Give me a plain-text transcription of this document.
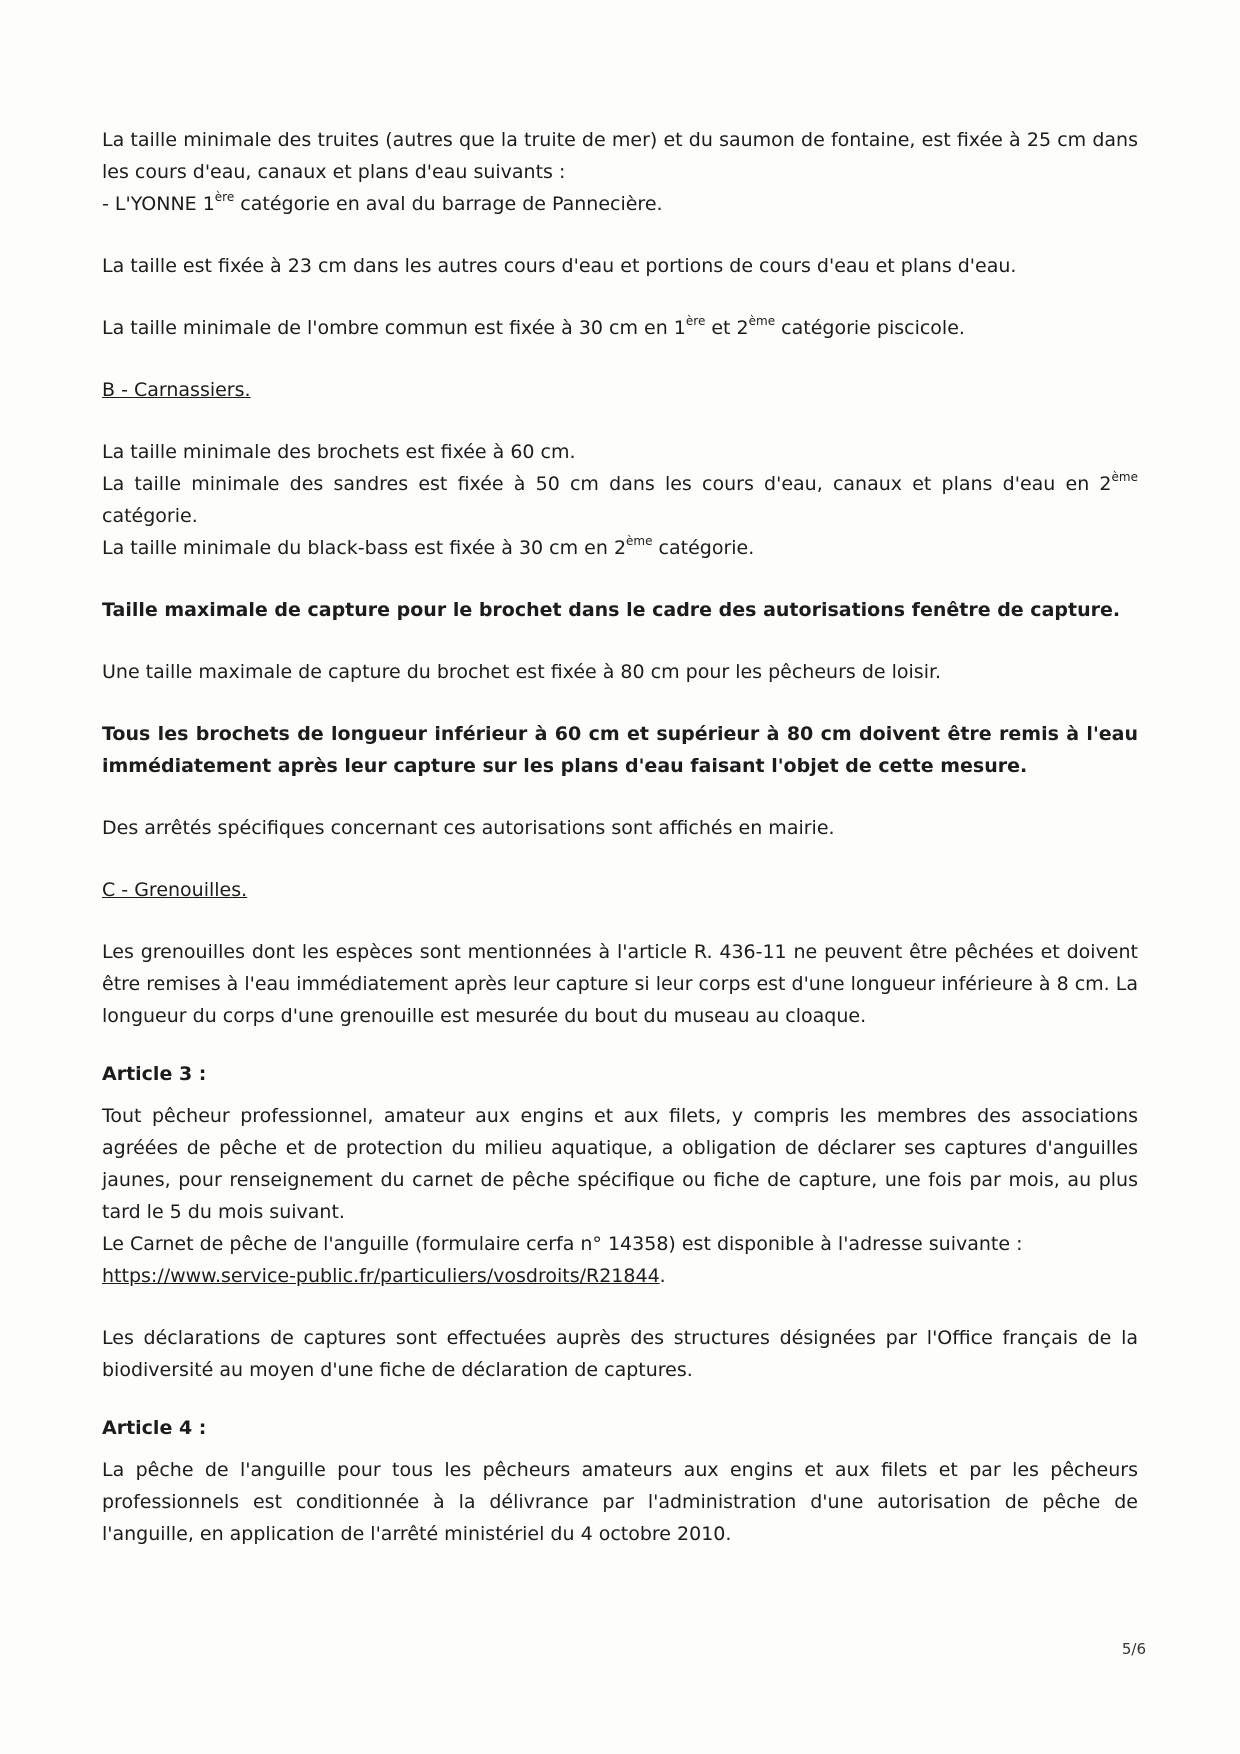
La taille minimale des truites (autres que la truite de mer) et du saumon de fontaine, est fixée à 25 cm dans les cours d'eau, canaux et plans d'eau suivants :

- L'YONNE 1ère catégorie en aval du barrage de Pannecière.

La taille est fixée à 23 cm dans les autres cours d'eau et portions de cours d'eau et plans d'eau.

La taille minimale de l'ombre commun est fixée à 30 cm en 1ère et 2ème catégorie piscicole.

B - Carnassiers.

La taille minimale des brochets est fixée à 60 cm.

La taille minimale des sandres est fixée à 50 cm dans les cours d'eau, canaux et plans d'eau en 2ème catégorie.

La taille minimale du black-bass est fixée à 30 cm en 2ème catégorie.

Taille maximale de capture pour le brochet dans le cadre des autorisations fenêtre de capture.

Une taille maximale de capture du brochet est fixée à 80 cm pour les pêcheurs de loisir.

Tous les brochets de longueur inférieur à 60 cm et supérieur à 80 cm doivent être remis à l'eau immédiatement après leur capture sur les plans d'eau faisant l'objet de cette mesure.

Des arrêtés spécifiques concernant ces autorisations sont affichés en mairie.

C - Grenouilles.

Les grenouilles dont les espèces sont mentionnées à l'article R. 436-11 ne peuvent être pêchées et doivent être remises à l'eau immédiatement après leur capture si leur corps est d'une longueur inférieure à 8 cm. La longueur du corps d'une grenouille est mesurée du bout du museau au cloaque.

Article 3 :

Tout pêcheur professionnel, amateur aux engins et aux filets, y compris les membres des associations agréées de pêche et de protection du milieu aquatique, a obligation de déclarer ses captures d'anguilles jaunes, pour renseignement du carnet de pêche spécifique ou fiche de capture, une fois par mois, au plus tard le 5 du mois suivant.

Le Carnet de pêche de l'anguille (formulaire cerfa n° 14358) est disponible à l'adresse suivante :

https://www.service-public.fr/particuliers/vosdroits/R21844.

Les déclarations de captures sont effectuées auprès des structures désignées par l'Office français de la biodiversité au moyen d'une fiche de déclaration de captures.

Article 4 :

La pêche de l'anguille pour tous les pêcheurs amateurs aux engins et aux filets et par les pêcheurs professionnels est conditionnée à la délivrance par l'administration d'une autorisation de pêche de l'anguille, en application de l'arrêté ministériel du 4 octobre 2010.

5/6
